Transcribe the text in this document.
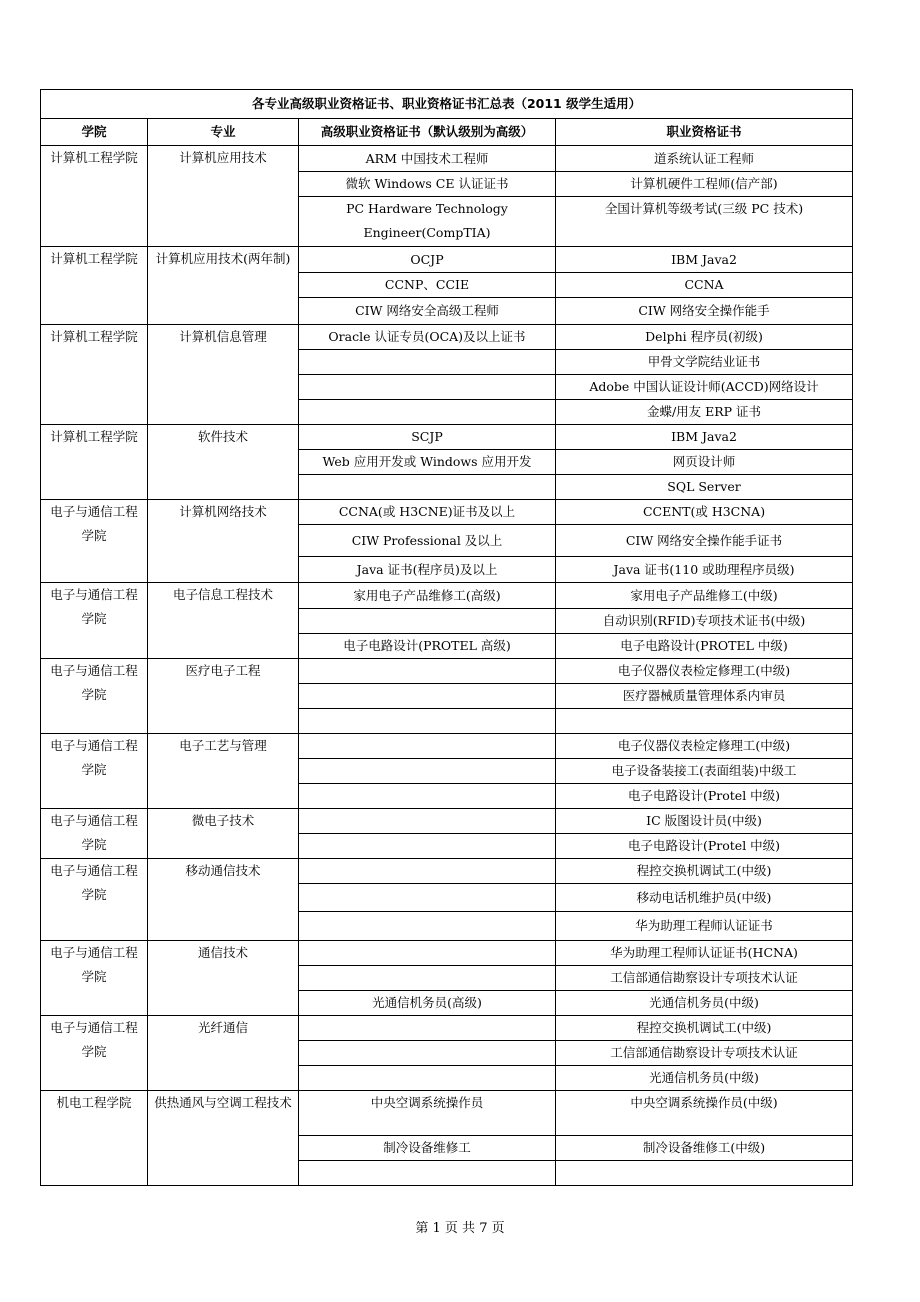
各专业高级职业资格证书、职业资格证书汇总表（2011 级学生适用）			
学院	专业	高级职业资格证书（默认级别为高级）	职业资格证书
计算机工程学院	计算机应用技术	ARM 中国技术工程师	道系统认证工程师
		微软 Windows CE 认证证书	计算机硬件工程师(信产部)
		PC Hardware Technology Engineer(CompTIA)	全国计算机等级考试(三级 PC 技术)
计算机工程学院	计算机应用技术(两年制)	OCJP	IBM Java2
		CCNP、CCIE	CCNA
		CIW 网络安全高级工程师	CIW 网络安全操作能手
计算机工程学院	计算机信息管理	Oracle 认证专员(OCA)及以上证书	Delphi 程序员(初级)
			甲骨文学院结业证书
			Adobe 中国认证设计师(ACCD)网络设计
			金蝶/用友 ERP 证书
计算机工程学院	软件技术	SCJP	IBM Java2
		Web 应用开发或 Windows 应用开发	网页设计师
			SQL Server
电子与通信工程学院	计算机网络技术	CCNA(或 H3CNE)证书及以上	CCENT(或 H3CNA)
		CIW Professional 及以上	CIW 网络安全操作能手证书
		Java 证书(程序员)及以上	Java 证书(110 或助理程序员级)
电子与通信工程学院	电子信息工程技术	家用电子产品维修工(高级)	家用电子产品维修工(中级)
			自动识别(RFID)专项技术证书(中级)
		电子电路设计(PROTEL 高级)	电子电路设计(PROTEL 中级)
电子与通信工程学院	医疗电子工程		电子仪器仪表检定修理工(中级)
			医疗器械质量管理体系内审员

电子与通信工程学院	电子工艺与管理		电子仪器仪表检定修理工(中级)
			电子设备装接工(表面组装)中级工
			电子电路设计(Protel 中级)
电子与通信工程学院	微电子技术		IC 版图设计员(中级)
			电子电路设计(Protel 中级)
电子与通信工程学院	移动通信技术		程控交换机调试工(中级)
			移动电话机维护员(中级)
			华为助理工程师认证证书
电子与通信工程学院	通信技术		华为助理工程师认证证书(HCNA)
			工信部通信勘察设计专项技术认证
		光通信机务员(高级)	光通信机务员(中级)
电子与通信工程学院	光纤通信		程控交换机调试工(中级)
			工信部通信勘察设计专项技术认证
			光通信机务员(中级)
机电工程学院	供热通风与空调工程技术	中央空调系统操作员	中央空调系统操作员(中级)
		制冷设备维修工	制冷设备维修工(中级)

第 1 页 共 7 页
